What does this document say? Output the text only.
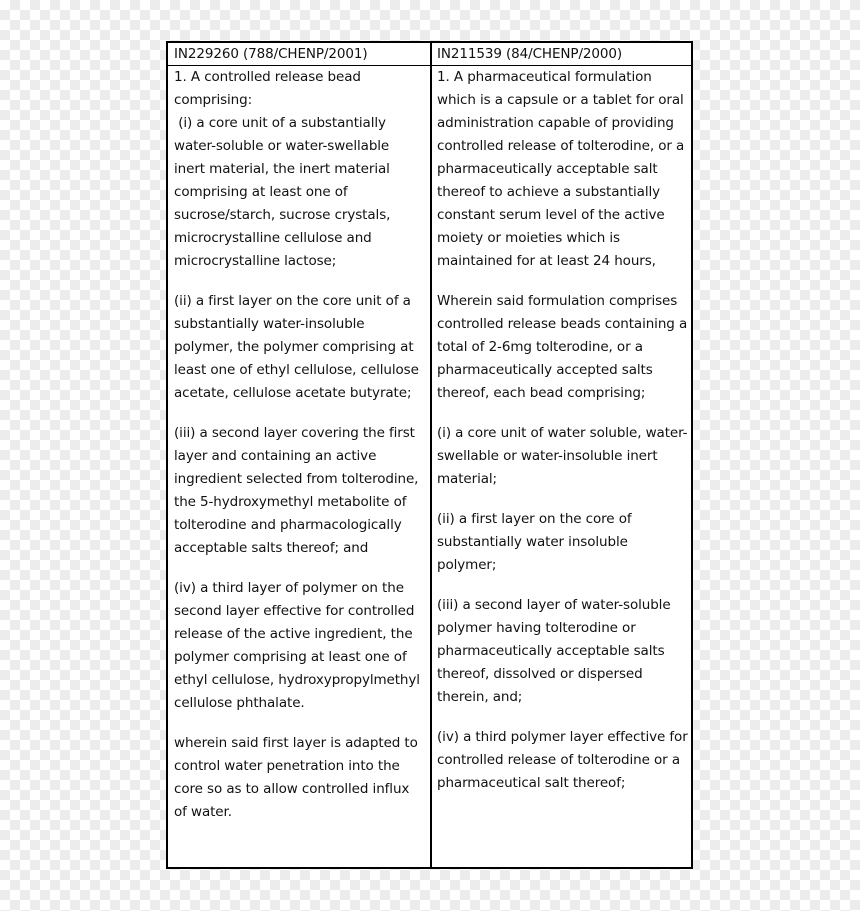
IN229260 (788/CHENP/2001)

1. A controlled release bead comprising:
(i) a core unit of a substantially water-soluble or water-swellable inert material, the inert material comprising at least one of sucrose/starch, sucrose crystals, microcrystalline cellulose and microcrystalline lactose;

(ii) a first layer on the core unit of a substantially water-insoluble polymer, the polymer comprising at least one of ethyl cellulose, cellulose acetate, cellulose acetate butyrate;

(iii) a second layer covering the first layer and containing an active ingredient selected from tolterodine, the 5-hydroxymethyl metabolite of tolterodine and pharmacologically acceptable salts thereof; and

(iv) a third layer of polymer on the second layer effective for controlled release of the active ingredient, the polymer comprising at least one of ethyl cellulose, hydroxypropylmethyl cellulose phthalate.

wherein said first layer is adapted to control water penetration into the core so as to allow controlled influx of water.

IN211539 (84/CHENP/2000)

1. A pharmaceutical formulation which is a capsule or a tablet for oral administration capable of providing controlled release of tolterodine, or a pharmaceutically acceptable salt thereof to achieve a substantially constant serum level of the active moiety or moieties which is maintained for at least 24 hours,

Wherein said formulation comprises controlled release beads containing a total of 2-6mg tolterodine, or a pharmaceutically accepted salts thereof, each bead comprising;

(i) a core unit of water soluble, water-swellable or water-insoluble inert material;

(ii) a first layer on the core of substantially water insoluble polymer;

(iii) a second layer of water-soluble polymer having tolterodine or pharmaceutically acceptable salts thereof, dissolved or dispersed therein, and;

(iv) a third polymer layer effective for controlled release of tolterodine or a pharmaceutical salt thereof;
